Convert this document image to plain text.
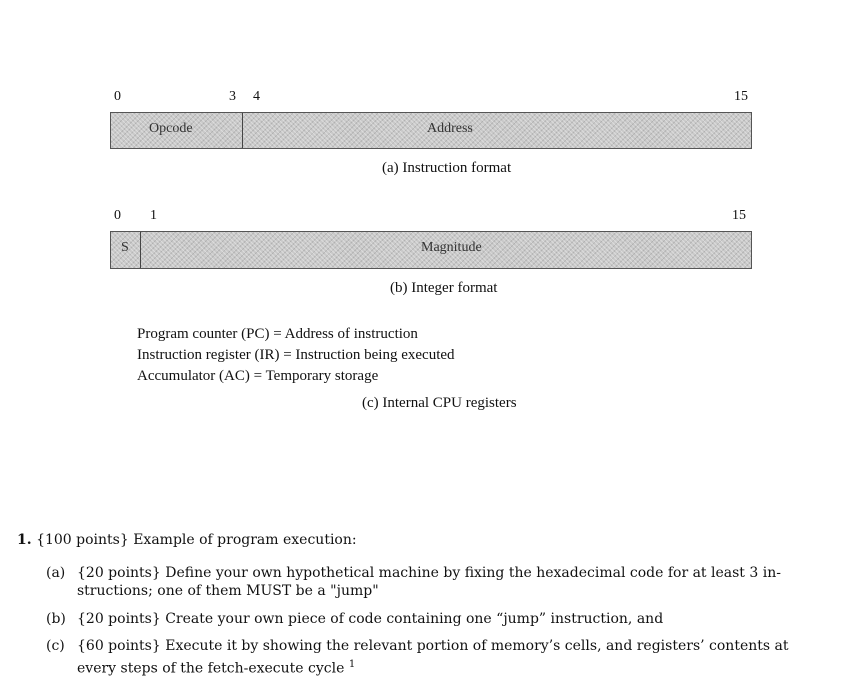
0	3 4	15
Opcode	Address
(a) Instruction format
0 1	15
S	Magnitude
(b) Integer format
Program counter (PC) = Address of instruction
Instruction register (IR) = Instruction being executed
Accumulator (AC) = Temporary storage
(c) Internal CPU registers
1. {100 points} Example of program execution:
(a) {20 points} Define your own hypothetical machine by fixing the hexadecimal code for at least 3 in-
structions; one of them MUST be a "jump"
(b) {20 points} Create your own piece of code containing one “jump” instruction, and
(c) {60 points} Execute it by showing the relevant portion of memory’s cells, and registers’ contents at
every steps of the fetch-execute cycle $^1$
